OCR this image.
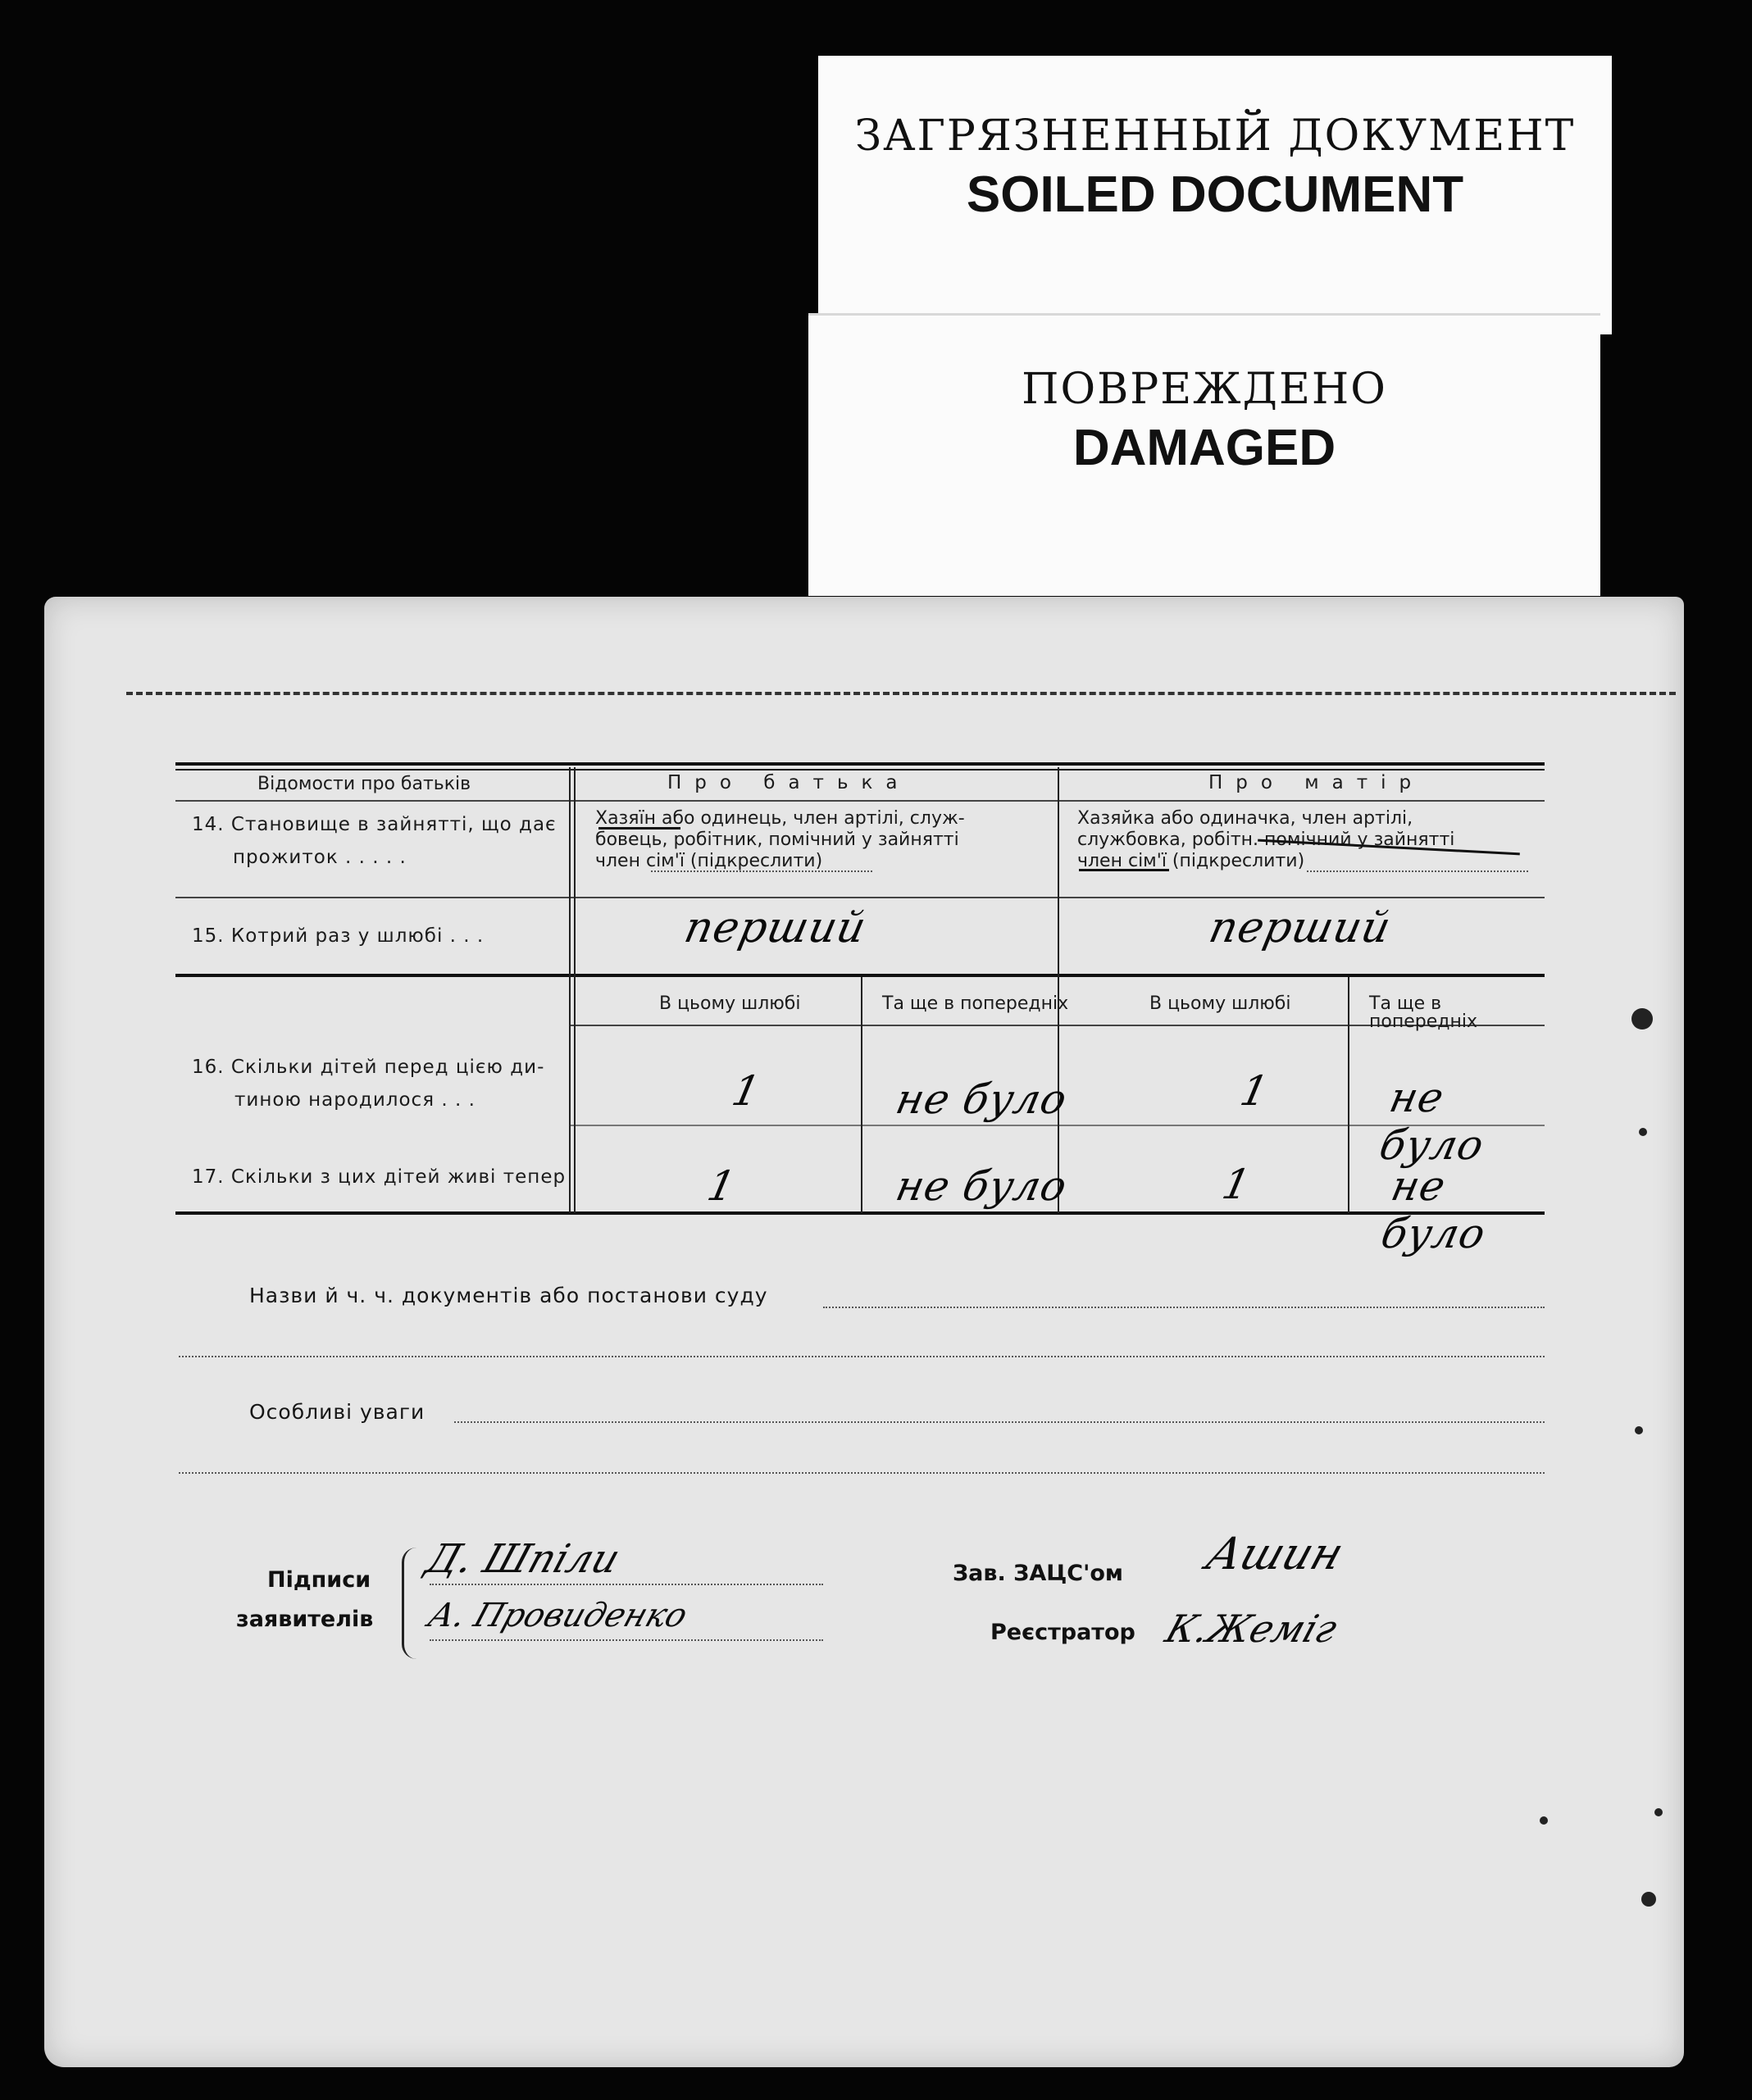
ЗАГРЯЗНЕННЫЙ ДОКУМЕНТ
SOILED DOCUMENT
ПОВРЕЖДЕНО
DAMAGED
Відомости про батьків	Про батька	Про матір
14. Становище в зайнятті, що дає
прожиток . . . . .
Хазяїн або одинець, член артілі, служ-
бовець, робітник, помічний у зайнятті
член сім'ї (підкреслити)
Хазяйка або одиначка, член артілі,
службовка, робітн. помічний у зайнятті
член сім'ї (підкреслити)
15. Котрий раз у шлюбі . . .	перший	перший
В цьому шлюбі	Та ще в попередніх	В цьому шлюбі	Та ще в попередніх
16. Скільки дітей перед цією ди-
тиною народилося . . .	1	не було	1	не було
17. Скільки з цих дітей живі тепер	1	не було	1	не було
Назви й ч. ч. документів або постанови суду
Особливі уваги
Підписи
заявителів
Д. Шпіли
А. Провиденко
Зав. ЗАЦС'ом
Реєстратор
Ашин
К.Жеміг
